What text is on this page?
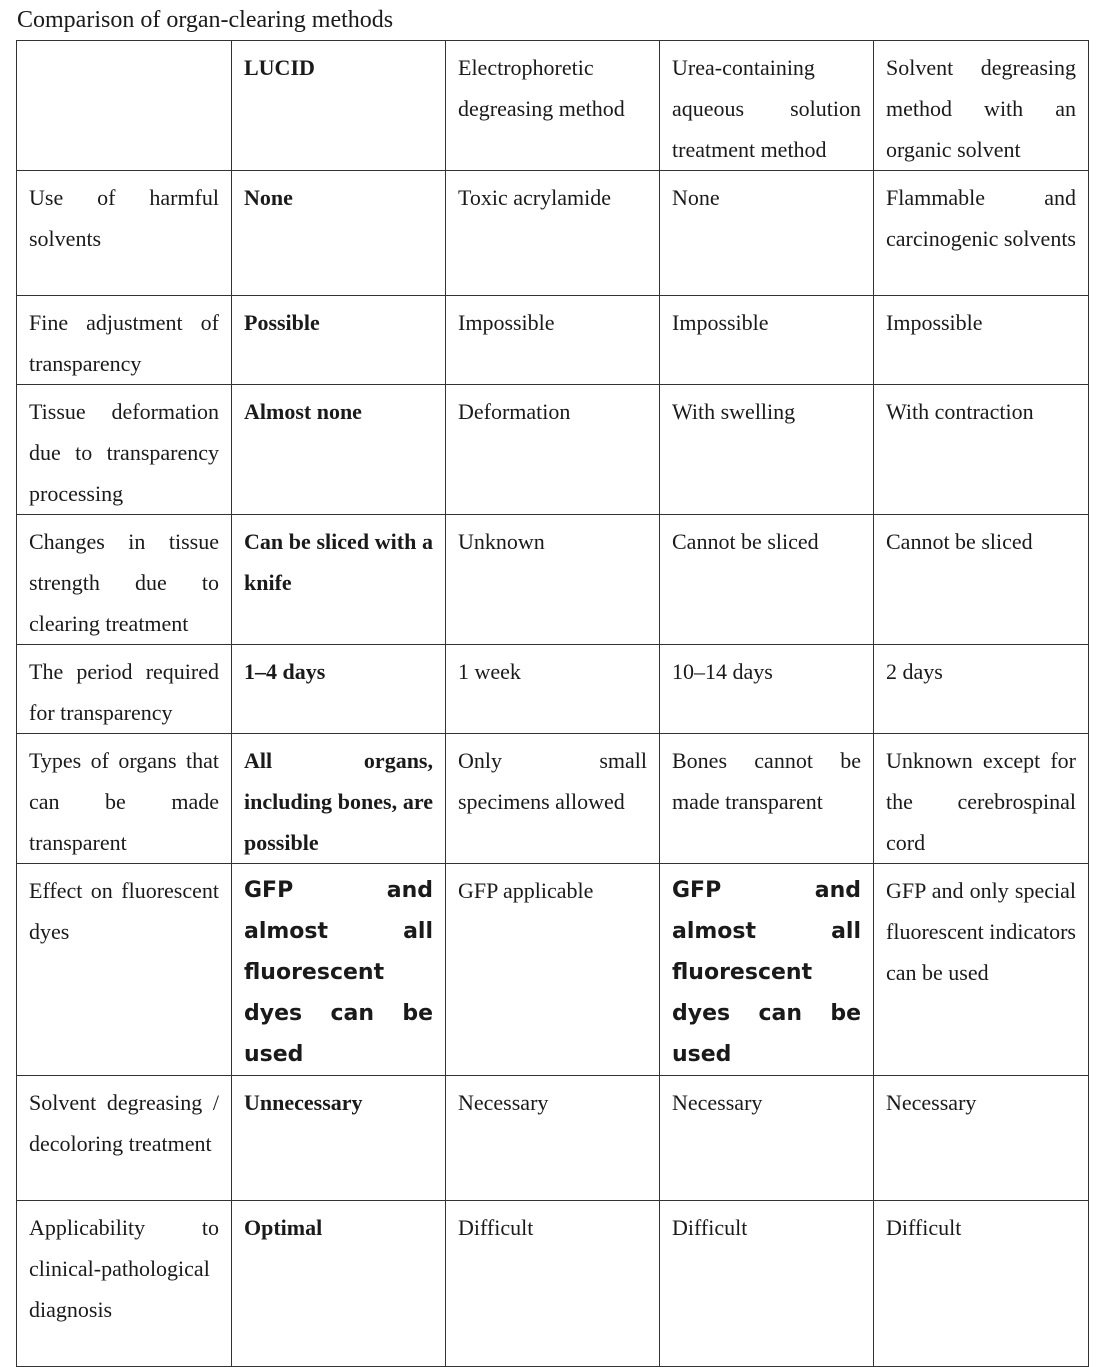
Comparison of organ-clearing methods
	LUCID	Electrophoretic degreasing method	Urea-containing aqueous solution treatment method	Solvent degreasing method with an organic solvent
Use of harmful solvents	None	Toxic acrylamide	None	Flammable and carcinogenic solvents
Fine adjustment of transparency	Possible	Impossible	Impossible	Impossible
Tissue deformation due to transparency processing	Almost none	Deformation	With swelling	With contraction
Changes in tissue strength due to clearing treatment	Can be sliced with a knife	Unknown	Cannot be sliced	Cannot be sliced
The period required for transparency	1–4 days	1 week	10–14 days	2 days
Types of organs that can be made transparent	All organs, including bones, are possible	Only small specimens allowed	Bones cannot be made transparent	Unknown except for the cerebrospinal cord
Effect on fluorescent dyes	GFP and almost all fluorescent dyes can be used	GFP applicable	GFP and almost all fluorescent dyes can be used	GFP and only special fluorescent indicators can be used
Solvent degreasing / decoloring treatment	Unnecessary	Necessary	Necessary	Necessary
Applicability to clinical-pathological diagnosis	Optimal	Difficult	Difficult	Difficult
